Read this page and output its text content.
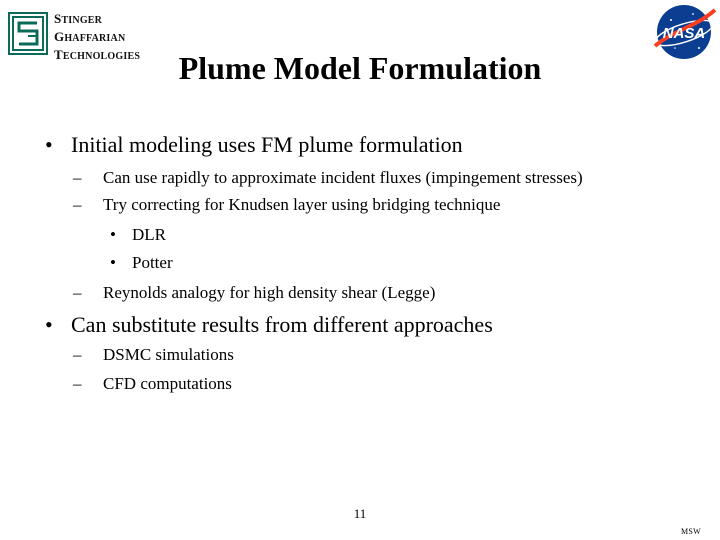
STINGER
GHAFFARIAN
TECHNOLOGIES
NASA
Plume Model Formulation
• Initial modeling uses FM plume formulation
– Can use rapidly to approximate incident fluxes (impingement stresses)
– Try correcting for Knudsen layer using bridging technique
• DLR
• Potter
– Reynolds analogy for high density shear (Legge)
• Can substitute results from different approaches
– DSMC simulations
– CFD computations
11
MSW
